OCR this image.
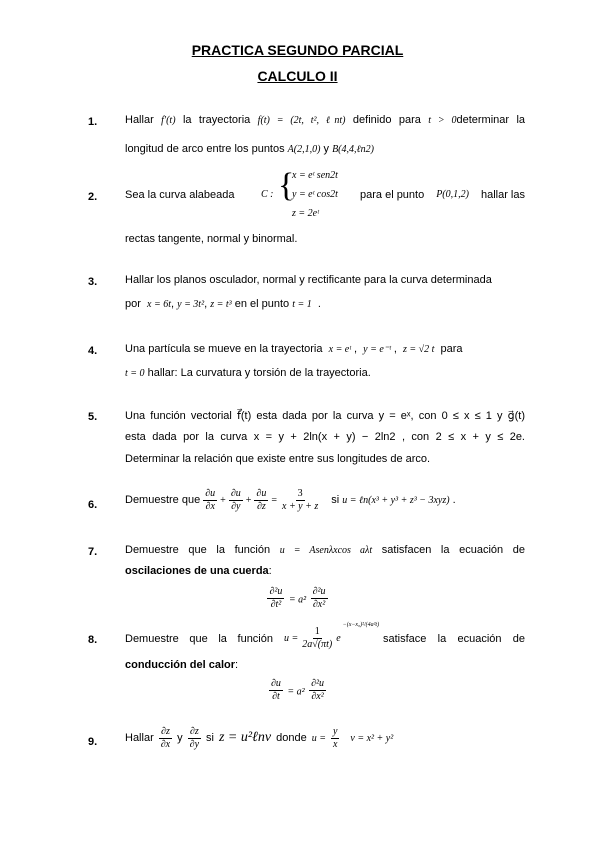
PRACTICA SEGUNDO PARCIAL
CALCULO II
1.	Hallar f′(t) la trayectoria f(t) = (2t, t², ℓnt) definido para t > 0determinar la
longitud de arco entre los puntos A(2,1,0) y B(4,4,ℓn2)
2.	Sea la curva alabeada	C : {
x = eᵗ sen2t
y = eᵗ cos2t
z = 2eᵗ
para el punto P(0,1,2) hallar las
rectas tangente, normal y binormal.
3.	Hallar los planos osculador, normal y rectificante para la curva determinada
por x = 6t, y = 3t², z = t³ en el punto t = 1 .
4.	Una partícula se mueve en la trayectoria x = eᵗ ,  y = e⁻ᵗ ,  z = √2 t para
t = 0 hallar: La curvatura y torsión de la trayectoria.
5.	Una función vectorial f⃗(t) esta dada por la curva y = eˣ, con 0 ≤ x ≤ 1 y g⃗(t)
esta dada por la curva x = y + 2ln(x + y) − 2ln2 , con 2 ≤ x + y ≤ 2e.
Determinar la relación que existe entre sus longitudes de arco.
6.	Demuestre que $\frac{\partial u}{\partial x} + \frac{\partial u}{\partial y} + \frac{\partial u}{\partial z} = \frac{3}{x + y + z}$ si u = ℓn(x³ + y³ + z³ − 3xyz) .
7.	Demuestre que la función u = Asenλxcos aλt satisfacen la ecuación de
oscilaciones de una cuerda:
$\frac{\text{∂²u}}{\text{∂t²}} = a^2 \frac{\text{∂²u}}{\text{∂x²}}$
8.	Demuestre que la función $u = \frac{1}{2a√(\pi t)}$ e
−(x−x₀)²/(4a²t)
satisface la ecuación de
conducción del calor:
$\frac{\partial u}{\partial t} = a^2 \frac{\text{∂²u}}{\text{∂x²}}$
9.	Hallar $\frac{\partial z}{\partial x}$ y $\frac{\partial z}{\partial y}$ si z = u²ℓnv donde $u = \frac{y}{x}$ v = x² + y²
